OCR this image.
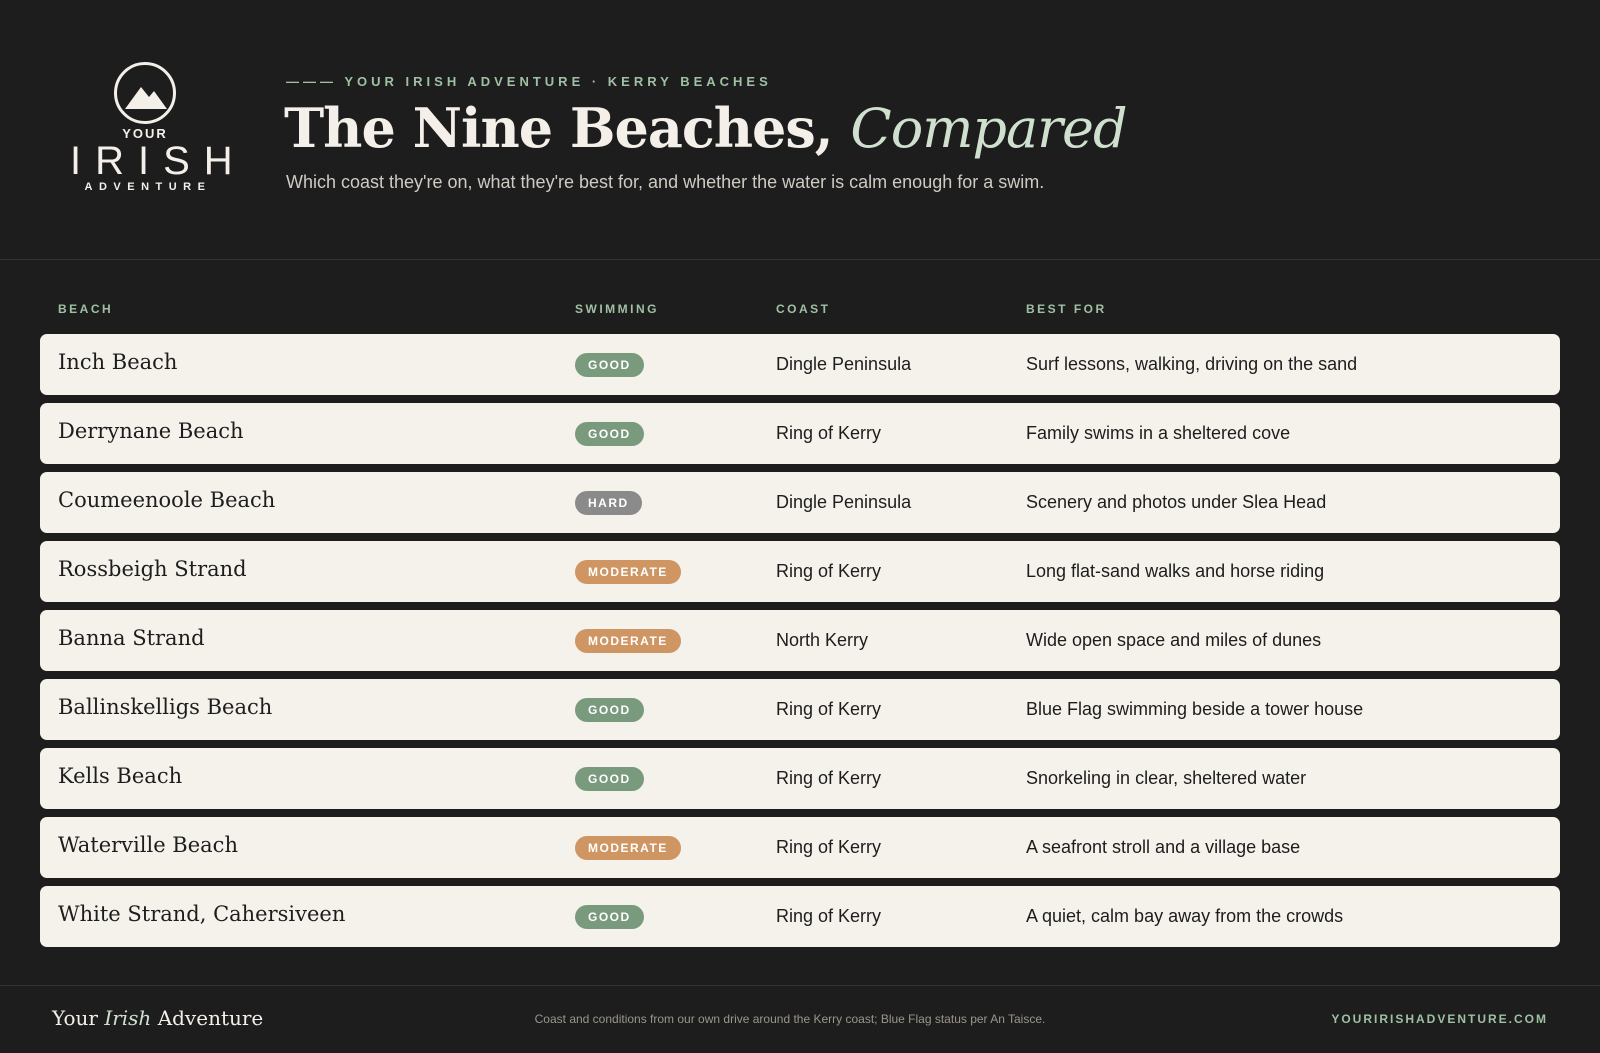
YOUR
IRISH
ADVENTURE
——— YOUR IRISH ADVENTURE · KERRY BEACHES
The Nine Beaches, Compared
Which coast they're on, what they're best for, and whether the water is calm enough for a swim.
BEACH	SWIMMING	COAST	BEST FOR
Inch Beach	GOOD	Dingle Peninsula	Surf lessons, walking, driving on the sand
Derrynane Beach	GOOD	Ring of Kerry	Family swims in a sheltered cove
Coumeenoole Beach	HARD	Dingle Peninsula	Scenery and photos under Slea Head
Rossbeigh Strand	MODERATE	Ring of Kerry	Long flat-sand walks and horse riding
Banna Strand	MODERATE	North Kerry	Wide open space and miles of dunes
Ballinskelligs Beach	GOOD	Ring of Kerry	Blue Flag swimming beside a tower house
Kells Beach	GOOD	Ring of Kerry	Snorkeling in clear, sheltered water
Waterville Beach	MODERATE	Ring of Kerry	A seafront stroll and a village base
White Strand, Cahersiveen	GOOD	Ring of Kerry	A quiet, calm bay away from the crowds
Your Irish Adventure	Coast and conditions from our own drive around the Kerry coast; Blue Flag status per An Taisce.	YOURIRISHADVENTURE.COM
